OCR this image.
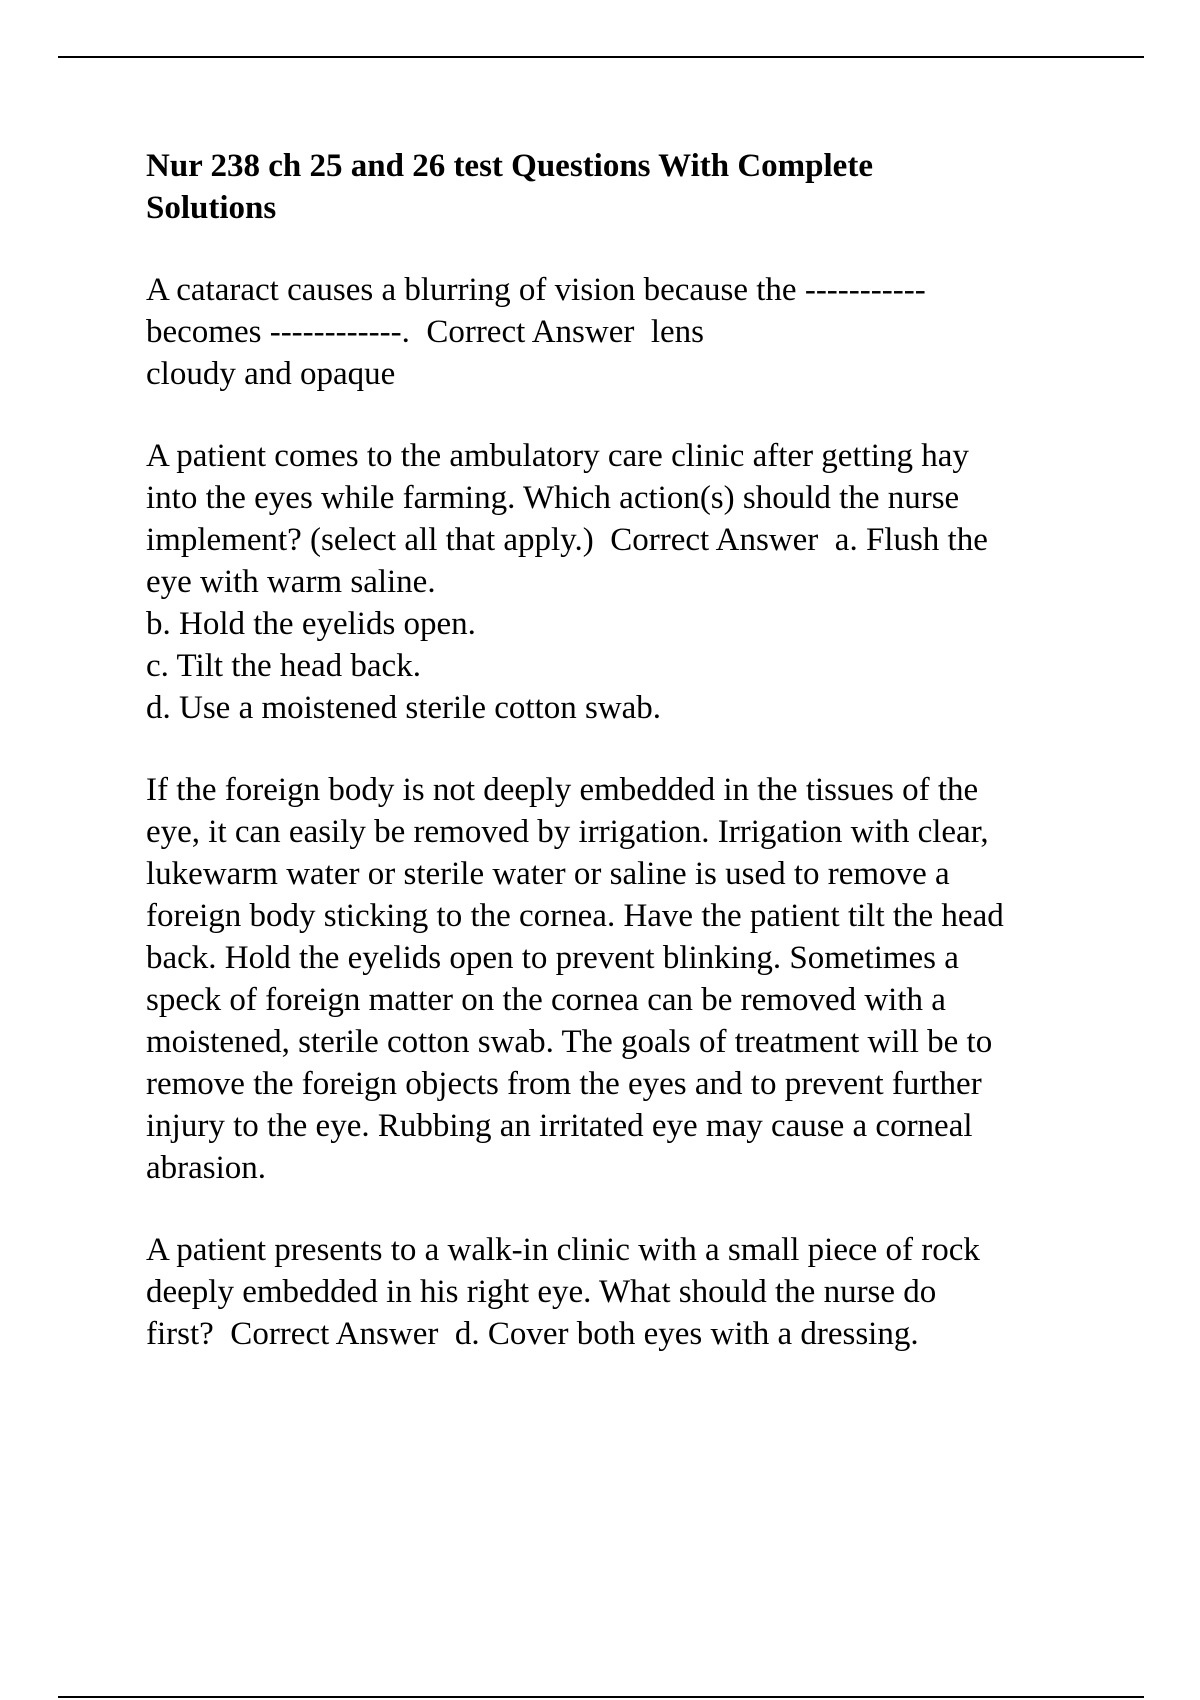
Nur 238 ch 25 and 26 test Questions With Complete
Solutions
A cataract causes a blurring of vision because the -----------
becomes ------------.  Correct Answer  lens
cloudy and opaque
A patient comes to the ambulatory care clinic after getting hay
into the eyes while farming. Which action(s) should the nurse
implement? (select all that apply.)  Correct Answer  a. Flush the
eye with warm saline.
b. Hold the eyelids open.
c. Tilt the head back.
d. Use a moistened sterile cotton swab.
If the foreign body is not deeply embedded in the tissues of the
eye, it can easily be removed by irrigation. Irrigation with clear,
lukewarm water or sterile water or saline is used to remove a
foreign body sticking to the cornea. Have the patient tilt the head
back. Hold the eyelids open to prevent blinking. Sometimes a
speck of foreign matter on the cornea can be removed with a
moistened, sterile cotton swab. The goals of treatment will be to
remove the foreign objects from the eyes and to prevent further
injury to the eye. Rubbing an irritated eye may cause a corneal
abrasion.
A patient presents to a walk-in clinic with a small piece of rock
deeply embedded in his right eye. What should the nurse do
first?  Correct Answer  d. Cover both eyes with a dressing.
